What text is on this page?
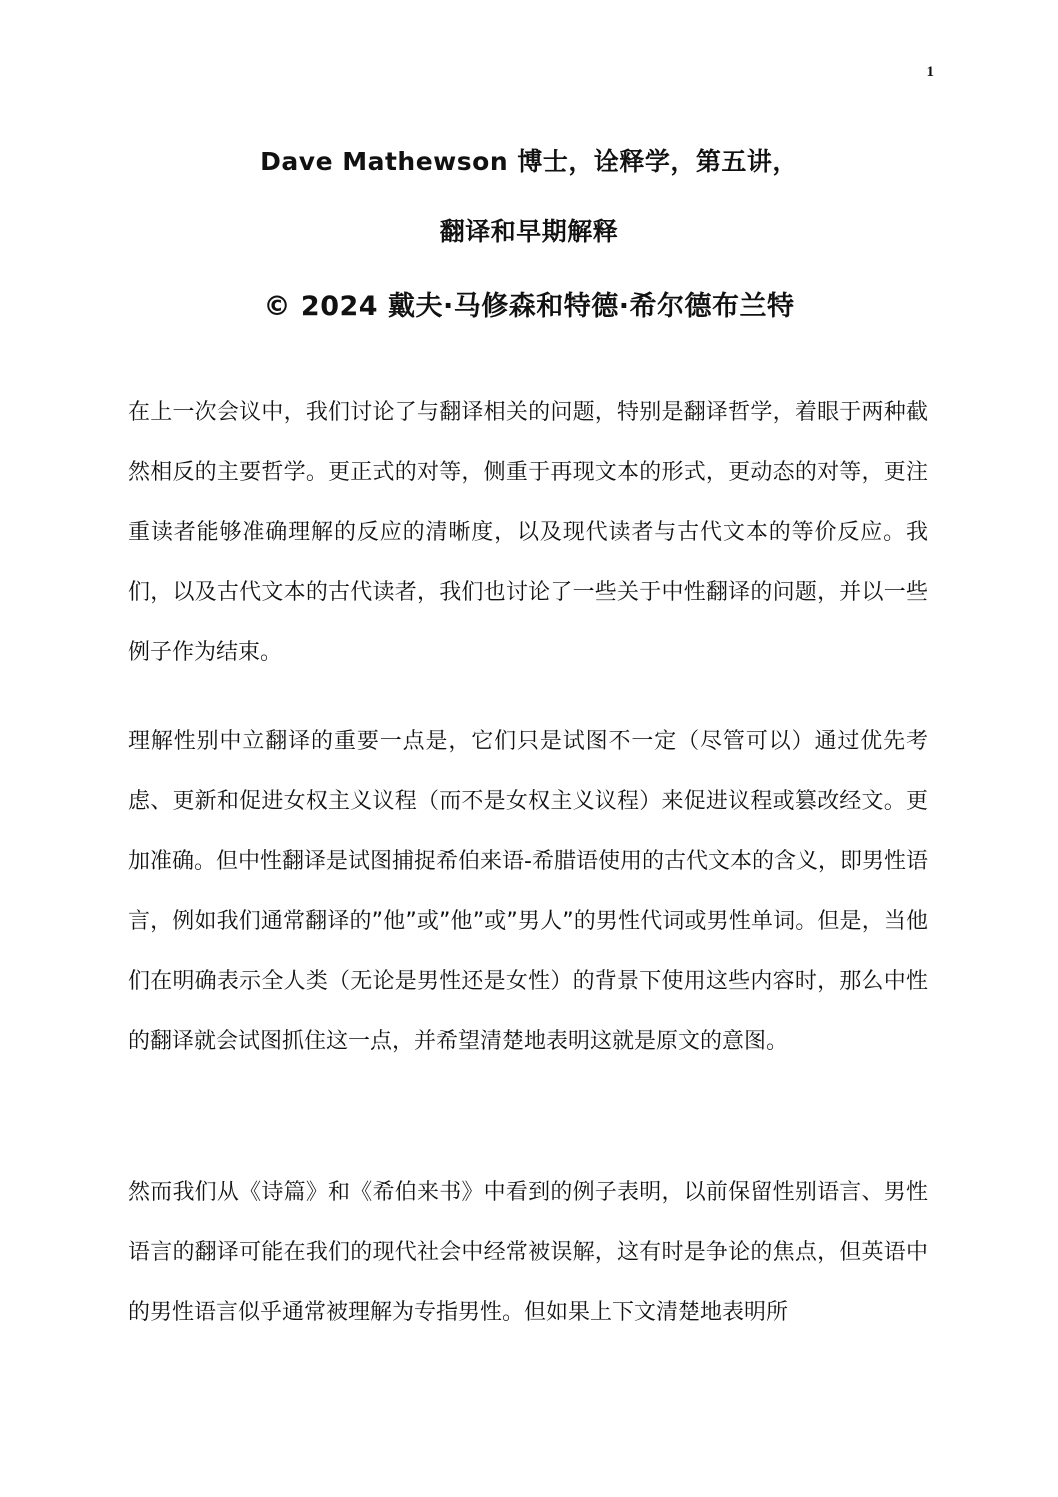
1
Dave Mathewson 博士，诠释学，第五讲，
翻译和早期解释
© 2024 戴夫·马修森和特德·希尔德布兰特

在上一次会议中，我们讨论了与翻译相关的问题，特别是翻译哲学，着眼于两种截然相反的主要哲学。更正式的对等，侧重于再现文本的形式，更动态的对等，更注重读者能够准确理解的反应的清晰度，以及现代读者与古代文本的等价反应。我们，以及古代文本的古代读者，我们也讨论了一些关于中性翻译的问题，并以一些例子作为结束。

理解性别中立翻译的重要一点是，它们只是试图不一定（尽管可以）通过优先考虑、更新和促进女权主义议程（而不是女权主义议程）来促进议程或篡改经文。更加准确。但中性翻译是试图捕捉希伯来语-希腊语使用的古代文本的含义，即男性语言，例如我们通常翻译的”他”或”他”或”男人”的男性代词或男性单词。但是，当他们在明确表示全人类（无论是男性还是女性）的背景下使用这些内容时，那么中性的翻译就会试图抓住这一点，并希望清楚地表明这就是原文的意图。

然而我们从《诗篇》和《希伯来书》中看到的例子表明，以前保留性别语言、男性语言的翻译可能在我们的现代社会中经常被误解，这有时是争论的焦点，但英语中的男性语言似乎通常被理解为专指男性。但如果上下文清楚地表明所
